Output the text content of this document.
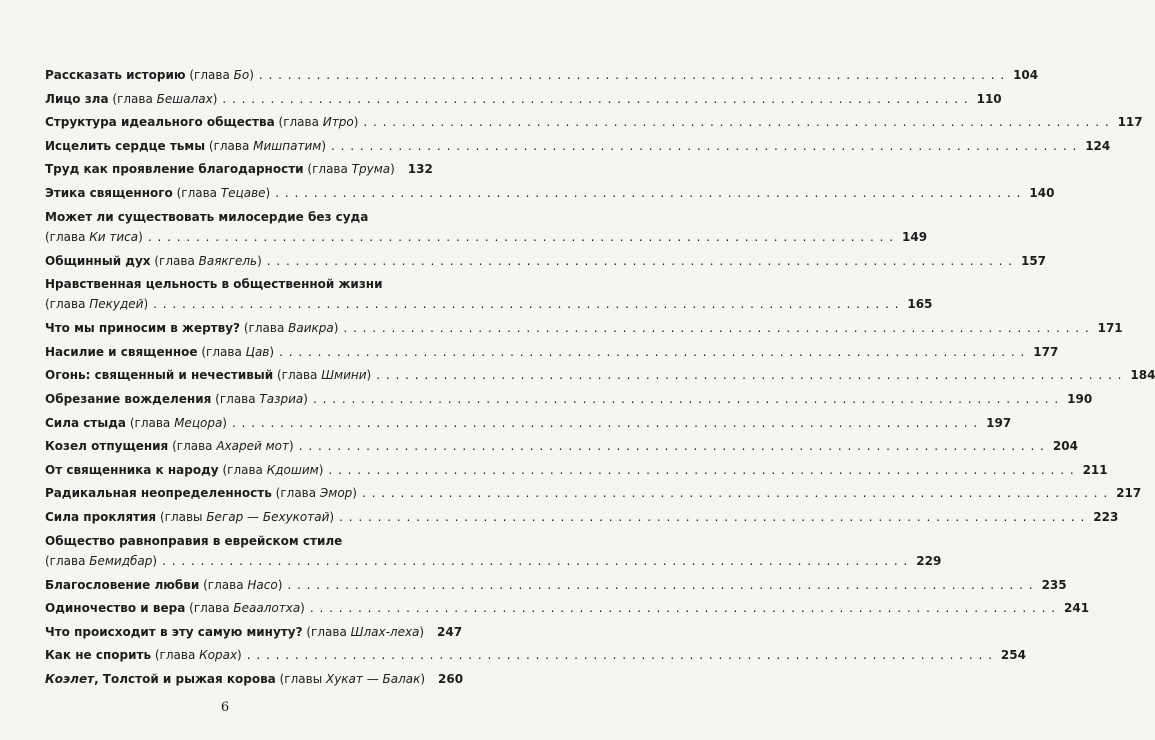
Рассказать историю
(глава Бо) . . .	104
Лицо зла
(глава Бешалах) . . .	110
Структура идеального общества
(глава Итро) . . .	117
Исцелить сердце тьмы
(глава Мишпатим) . . .	124
Труд как проявление благодарности
(глава Трума)	132
Этика священного
(глава Тецаве) . . .	140
Может ли существовать милосердие без суда
(глава Ки тиса) . . .	149
Общинный дух
(глава Ваякгель) . . .	157
Нравственная цельность в общественной жизни
(глава Пекудей) . . .	165
Что мы приносим в жертву?
(глава Ваикра) . . .	171
Насилие и священное
(глава Цав) . . .	177
Огонь: священный и нечестивый
(глава Шмини) . . .	184
Обрезание вожделения
(глава Тазриа) . . .	190
Сила стыда
(глава Мецора) . . .	197
Козел отпущения
(глава Ахарей мот) . . .	204
От священника к народу
(глава Кдошим) . . .	211
Радикальная неопределенность
(глава Эмор) . . .	217
Сила проклятия
(главы Бегар — Бехукотай) . . .	223
Общество равноправия в еврейском стиле
(глава Бемидбар) . . .	229
Благословение любви
(глава Насо) . . .	235
Одиночество и вера
(глава Беаалотха) . . .	241
Что происходит в эту самую минуту?
(глава Шлах-леха)	247
Как не спорить
(глава Корах) . . .	254
Коэлет , Толстой и рыжая корова
(главы Хукат — Балак)	260
6
